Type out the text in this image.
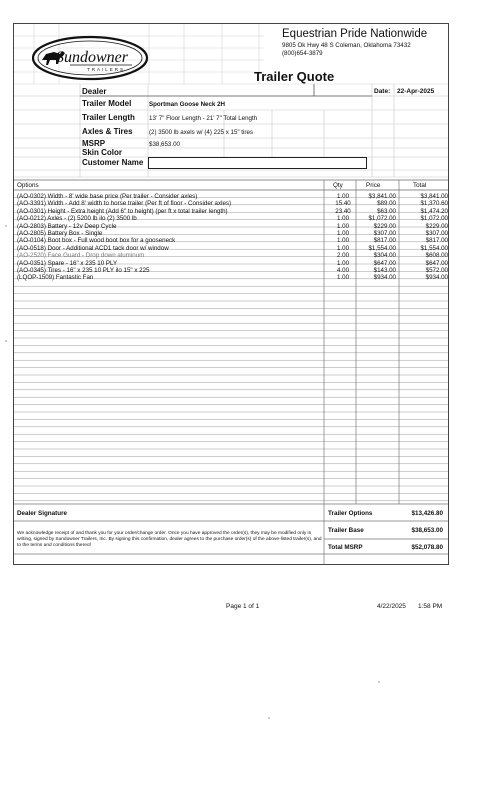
Sundowner
TRAILERS
Equestrian Pride Nationwide
9805 Ok Hwy 48 S Coleman, Oklahoma 73432
(800)654-3879
Trailer Quote
Dealer	Date: 22-Apr-2025
Trailer Model	Sportman Goose Neck 2H
Trailer Length 13' 7" Floor Length - 21' 7" Total Length
Axles & Tires	(2) 3500 lb axels w/ (4) 225 x 15" tires
MSRP	$38,653.00
Skin Color
Customer Name
Options	Qty	Price	Total
(AO-0302) Width - 8' wide base price (Per trailer - Consider axles)	1.00	$3,841.00	$3,841.00
(AO-3391) Width - Add 8' width to horse trailer (Per ft of floor - Consider axles)	15.40	$89.00	$1,370.60
(AO-0301) Height - Extra height (Add 6" to height) (per ft x total trailer length)	23.40	$63.00	$1,474.20
(AO-0212) Axles - (2) 5200 lb ilo (2) 3500 lb	1.00	$1,072.00	$1,072.00
(AO-2803) Battery - 12v Deep Cycle	1.00	$229.00	$229.00
(AO-2805) Battery Box - Single	1.00	$307.00	$307.00
(AO-0104) Boot box - Full wood boot box for a gooseneck	1.00	$817.00	$817.00
(AO-0518) Door - Additional ACD1 tack door w/ window	1.00	$1,554.00	$1,554.00
(AO-2520) Face Guard - Drop down aluminum	2.00	$304.00	$608.00
(AO-0351) Spare - 16" x 235 10 PLY	1.00	$647.00	$647.00
(AO-0345) Tires - 16" x 235 10 PLY ilo 15" x 225	4.00	$143.00	$572.00
(LQOP-1509) Fantastic Fan	1.00	$934.00	$934.00
Dealer Signature
We acknowledge receipt of and thank you for your order/change order. Once you have approved the order(s), they may be modified only in writing, signed by Sundowner Trailers, Inc. By signing this confirmation, dealer agrees to the purchase order(s) of the above-listed trailer(s), and to the terms and conditions thereof
Trailer Options	$13,426.80
Trailer Base	$38,653.00
Total MSRP	$52,078.80
Page 1 of 1	4/22/2025 1:58 PM
